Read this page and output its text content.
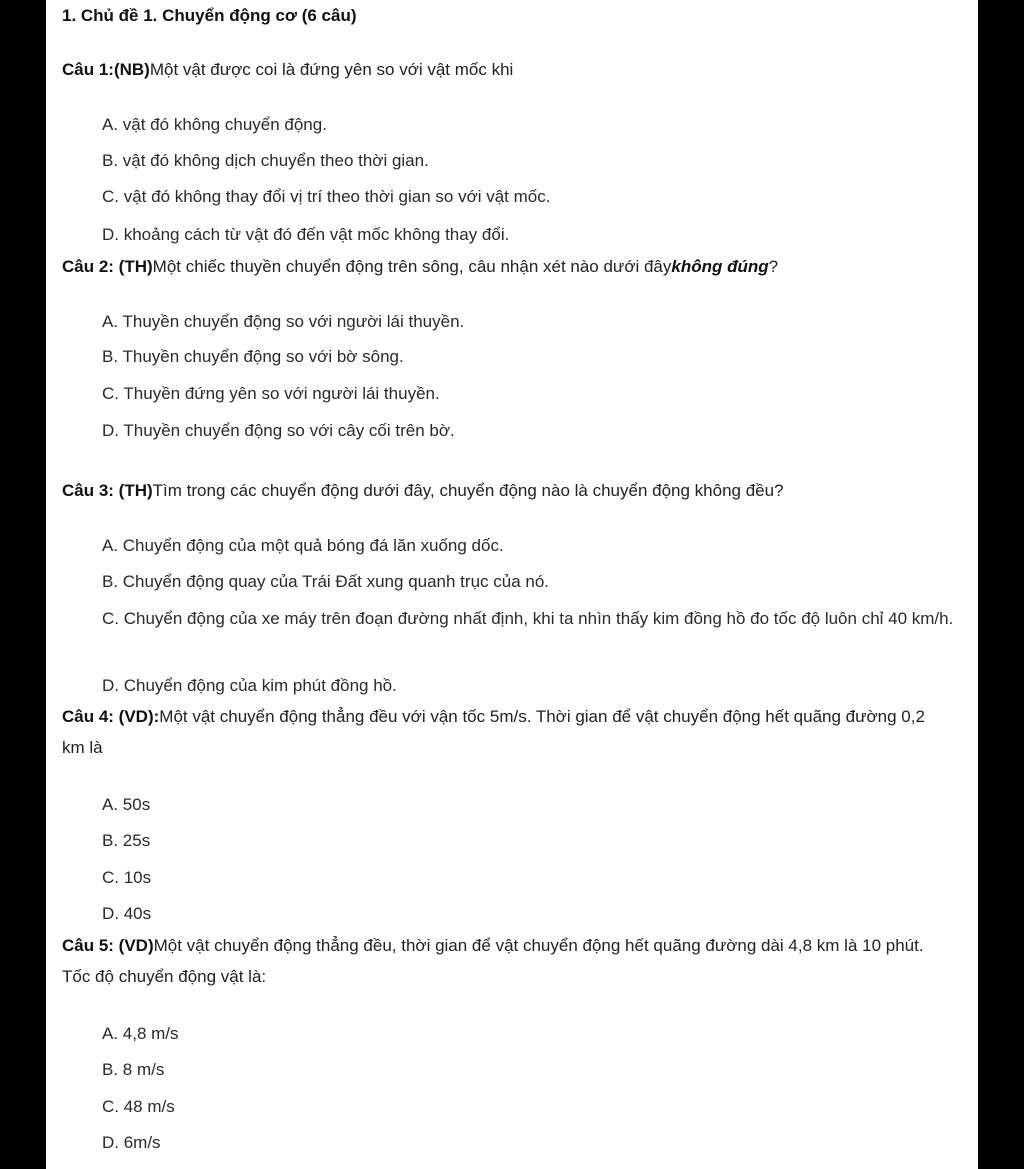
1. Chủ đề 1. Chuyển động cơ (6 câu)
Câu 1:(NB)Một vật được coi là đứng yên so với vật mốc khi
A. vật đó không chuyển động.
B. vật đó không dịch chuyển theo thời gian.
C. vật đó không thay đổi vị trí theo thời gian so với vật mốc.
D. khoảng cách từ vật đó đến vật mốc không thay đổi.
Câu 2: (TH)Một chiếc thuyền chuyển động trên sông, câu nhận xét nào dưới đâykhông đúng?
A. Thuyền chuyển động so với người lái thuyền.
B. Thuyền chuyển động so với bờ sông.
C. Thuyền đứng yên so với người lái thuyền.
D. Thuyền chuyển động so với cây cối trên bờ.
Câu 3: (TH)Tìm trong các chuyển động dưới đây, chuyển động nào là chuyển động không đều?
A. Chuyển động của một quả bóng đá lăn xuống dốc.
B. Chuyển động quay của Trái Đất xung quanh trục của nó.
C. Chuyển động của xe máy trên đoạn đường nhất định, khi ta nhìn thấy kim đồng hồ đo tốc độ luôn chỉ 40 km/h.
D. Chuyển động của kim phút đồng hồ.
Câu 4: (VD):Một vật chuyển động thẳng đều với vận tốc 5m/s. Thời gian để vật chuyển động hết quãng đường 0,2 km là
A. 50s
B. 25s
C. 10s
D. 40s
Câu 5: (VD)Một vật chuyển động thẳng đều, thời gian để vật chuyển động hết quãng đường dài 4,8 km là 10 phút. Tốc độ chuyển động vật là:
A. 4,8 m/s
B. 8 m/s
C. 48 m/s
D. 6m/s
